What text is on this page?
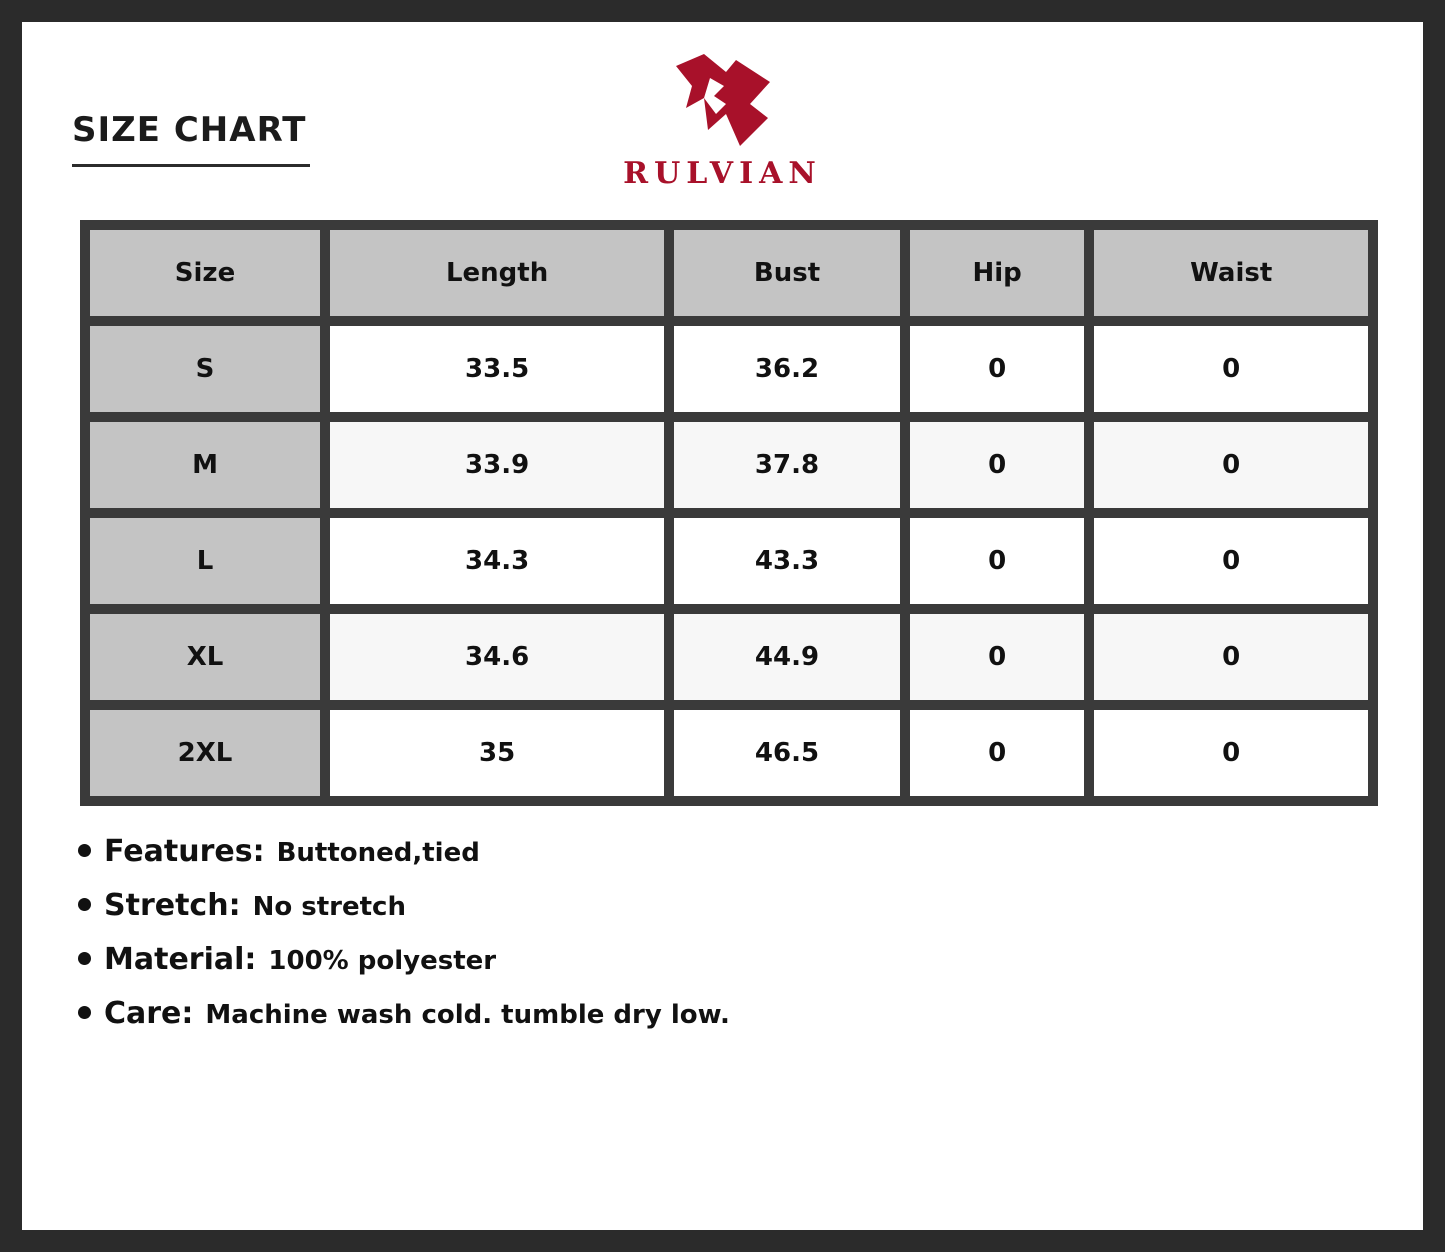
SIZE CHART
RULVIAN
Size	Length	Bust	Hip	Waist
S	33.5	36.2	0	0
M	33.9	37.8	0	0
L	34.3	43.3	0	0
XL	34.6	44.9	0	0
2XL	35	46.5	0	0
Features: Buttoned,tied
Stretch: No stretch
Material: 100% polyester
Care: Machine wash cold. tumble dry low.
